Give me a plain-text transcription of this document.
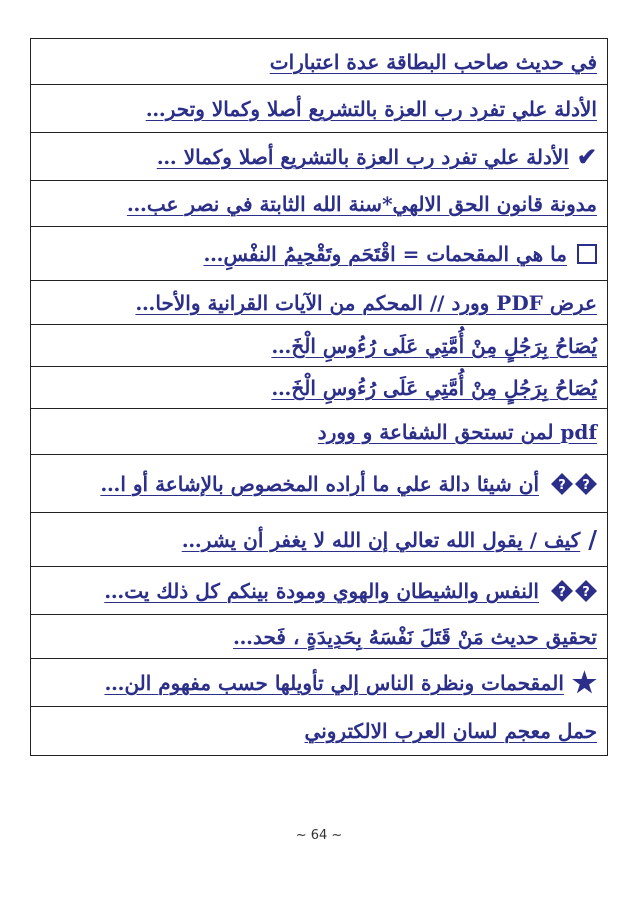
في حديث صاحب البطاقة عدة اعتبارات
الأدلة علي تفرد رب العزة بالتشريع أصلا وكمالا وتحر…
✔
الأدلة علي تفرد رب العزة بالتشريع أصلا وكمالا …
مدونة قانون الحق الالهي*سنة الله الثابتة في نصر عب…
ما هي المقحمات = اقْتَحَم وتَقْحِيمُ النفْسِ…
عرض PDF وورد // المحكم من الآيات القرانية والأحا…
يُصَاحُ بِرَجُلٍ مِنْ أُمَّتِي عَلَى رُءُوسِ الْخَ…
يُصَاحُ بِرَجُلٍ مِنْ أُمَّتِي عَلَى رُءُوسِ الْخَ…
pdf لمن تستحق الشفاعة و وورد
?
?
أن شيئا دالة علي ما أراده المخصوص بالإشاعة أو ا…
/
كيف / يقول الله تعالي إن الله لا يغفر أن يشر…
?
?
النفس والشيطان والهوي ومودة بينكم كل ذلك يت…
تحقيق حديث مَنْ قَتَلَ نَفْسَهُ بِحَدِيدَةٍ ، فَحد…
★
المقحمات ونظرة الناس إلي تأويلها حسب مفهوم الن…
حمل معجم لسان العرب الالكتروني
~ 64 ~
